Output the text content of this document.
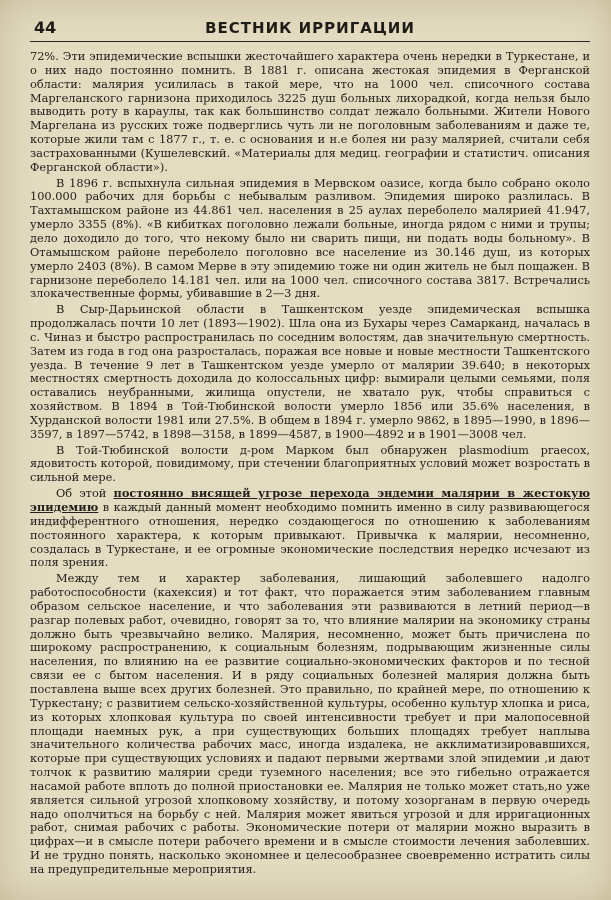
44	ВЕСТНИК ИРРИГАЦИИ

72%. Эти эпидемические вспышки жесточайшего характера очень нередки в Туркестане, и о них надо постоянно помнить. В 1881 г. описана жестокая эпидемия в Ферганской области: малярия усилилась в такой мере, что на 1000 чел. списочного состава Маргеланского гарнизона приходилось 3225 душ больных лихорадкой, когда нельзя было выводить роту в караулы, так как большинство солдат лежало больными. Жители Нового Маргелана из русских тоже подверглись чуть ли не поголовным заболеваниям и даже те, которые жили там с 1877 г., т. е. с основания и н.е болея ни разу малярией, считали себя застрахованными (Кушелевский. «Материалы для медиц. географии и статистич. описания Ферганской области»).

В 1896 г. вспыхнула сильная эпидемия в Мервском оазисе, когда было собрано около 100.000 рабочих для борьбы с небывалым разливом. Эпидемия широко разлилась. В Тахтамышском районе из 44.861 чел. населения в 25 аулах переболело малярией 41.947, умерло 3355 (8%). «В кибитках поголовно лежали больные, иногда рядом с ними и трупы; дело доходило до того, что некому было ни сварить пищи, ни подать воды больному». В Отамышском районе переболело поголовно все население из 30.146 душ, из которых умерло 2403 (8%). В самом Мерве в эту эпидемию тоже ни один житель не был пощажен. В гарнизоне переболело 14.181 чел. или на 1000 чел. списочного состава 3817. Встречались злокачественные формы, убивавшие в 2—3 дня.

В Сыр-Дарьинской области в Ташкентском уезде эпидемическая вспышка продолжалась почти 10 лет (1893—1902). Шла она из Бухары через Самарканд, началась в с. Чиназ и быстро распространилась по соседним волостям, дав значительную смертность. Затем из года в год она разросталась, поражая все новые и новые местности Ташкентского уезда. В течение 9 лет в Ташкентском уезде умерло от малярии 39.640; в некоторых местностях смертность доходила до колоссальных цифр: вымирали целыми семьями, поля оставались неубранными, жилища опустели, не хватало рук, чтобы справиться с хозяйством. В 1894 в Той-Тюбинской волости умерло 1856 или 35.6% населения, в Хурданской волости 1981 или 27.5%. В общем в 1894 г. умерло 9862, в 1895—1990, в 1896—3597, в 1897—5742, в 1898—3158, в 1899—4587, в 1900—4892 и в 1901—3008 чел.

В Той-Тюбинской волости д-ром Марком был обнаружен plasmodium praecox, ядовитость которой, повидимому, при стечении благоприятных условий может возростать в сильной мере.

Об этой постоянно висящей угрозе перехода эндемии малярии в жестокую эпидемию в каждый данный момент необходимо помнить именно в силу развивающегося индифферентного отношения, нередко создающегося по отношению к заболеваниям постоянного характера, к которым привыкают. Привычка к малярии, несомненно, создалась в Туркестане, и ее огромные экономические последствия нередко исчезают из поля зрения.

Между тем и характер заболевания, лишающий заболевшего надолго работоспособности (кахексия) и тот факт, что поражается этим заболеванием главным образом сельское население, и что заболевания эти развиваются в летний период—в разгар полевых работ, очевидно, говорят за то, что влияние малярии на экономику страны должно быть чрезвычайно велико. Малярия, несомненно, может быть причислена по широкому распространению, к социальным болезням, подрывающим жизненные силы населения, по влиянию на ее развитие социально-экономических факторов и по тесной связи ее с бытом населения. И в ряду социальных болезней малярия должна быть поставлена выше всех других болезней. Это правильно, по крайней мере, по отношению к Туркестану; с развитием сельско-хозяйственной культуры, особенно культур хлопка и риса, из которых хлопковая культура по своей интенсивности требует и при малопосевной площади наемных рук, а при существующих больших площадях требует наплыва значительного количества рабочих масс, иногда издалека, не акклиматизировавшихся, которые при существующих условиях и падают первыми жертвами злой эпидемии ,и дают толчок к развитию малярии среди туземного населения; все это гибельно отражается насамой работе вплоть до полной приостановки ее. Малярия не только может стать,но уже является сильной угрозой хлопковому хозяйству, и потому хозорганам в первую очередь надо ополчиться на борьбу с ней. Малярия может явиться угрозой и для ирригационных работ, снимая рабочих с работы. Экономические потери от малярии можно выразить в цифрах—и в смысле потери рабочего времени и в смысле стоимости лечения заболевших. И не трудно понять, насколько экономнее и целесообразнее своевременно истратить силы на предупредительные мероприятия.
